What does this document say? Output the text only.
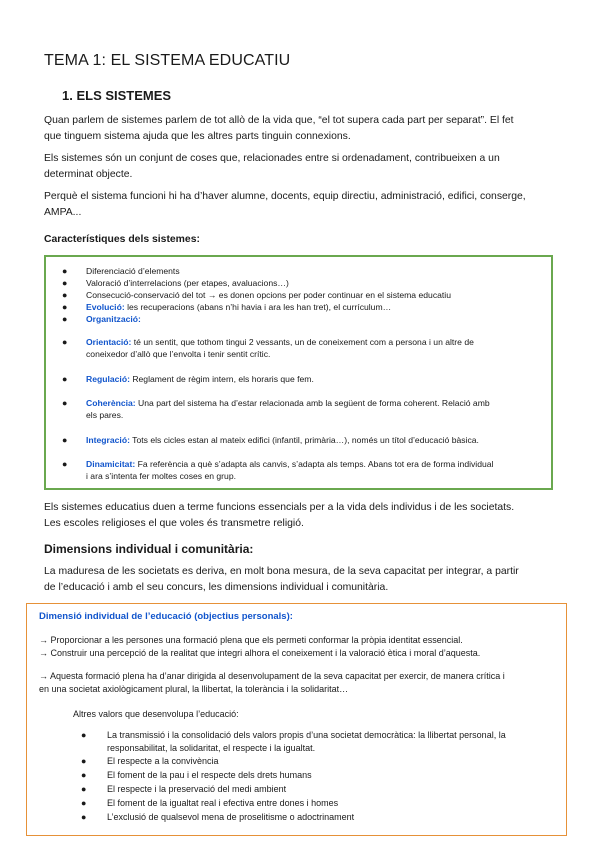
TEMA 1: EL SISTEMA EDUCATIU
1. ELS SISTEMES

Quan parlem de sistemes parlem de tot allò de la vida que, “el tot supera cada part per separat”. El fet
que tinguem sistema ajuda que les altres parts tinguin connexions.

Els sistemes són un conjunt de coses que, relacionades entre si ordenadament, contribueixen a un
determinat objecte.

Perquè el sistema funcioni hi ha d’haver alumne, docents, equip directiu, administració, edifici, conserge,
AMPA...

Característiques dels sistemes:

● Diferenciació d’elements
● Valoració d’interrelacions (per etapes, avaluacions…)
● Consecució-conservació del tot → es donen opcions per poder continuar en el sistema educatiu
● Evolució: les recuperacions (abans n’hi havia i ara les han tret), el currículum…
● Organització:
● Orientació: té un sentit, que tothom tingui 2 vessants, un de coneixement com a persona i un altre de
coneixedor d’allò que l’envolta i tenir sentit crític.
● Regulació: Reglament de règim intern, els horaris que fem.
● Coherència: Una part del sistema ha d’estar relacionada amb la següent de forma coherent. Relació amb
els pares.
● Integració: Tots els cicles estan al mateix edifici (infantil, primària…), només un títol d’educació bàsica.
● Dinamicitat: Fa referència a què s’adapta als canvis, s’adapta als temps. Abans tot era de forma individual
i ara s’intenta fer moltes coses en grup.

Els sistemes educatius duen a terme funcions essencials per a la vida dels individus i de les societats.
Les escoles religioses el que voles és transmetre religió.

Dimensions individual i comunitària:

La maduresa de les societats es deriva, en molt bona mesura, de la seva capacitat per integrar, a partir
de l’educació i amb el seu concurs, les dimensions individual i comunitària.

Dimensió individual de l’educació (objectius personals):

→ Proporcionar a les persones una formació plena que els permeti conformar la pròpia identitat essencial.

→ Construir una percepció de la realitat que integri alhora el coneixement i la valoració ètica i moral d’aquesta.

→ Aquesta formació plena ha d’anar dirigida al desenvolupament de la seva capacitat per exercir, de manera crítica i
en una societat axiològicament plural, la llibertat, la tolerància i la solidaritat…

Altres valors que desenvolupa l’educació:

● La transmissió i la consolidació dels valors propis d’una societat democràtica: la llibertat personal, la
responsabilitat, la solidaritat, el respecte i la igualtat.
● El respecte a la convivència
● El foment de la pau i el respecte dels drets humans
● El respecte i la preservació del medi ambient
● El foment de la igualtat real i efectiva entre dones i homes
● L’exclusió de qualsevol mena de proselitisme o adoctrinament
